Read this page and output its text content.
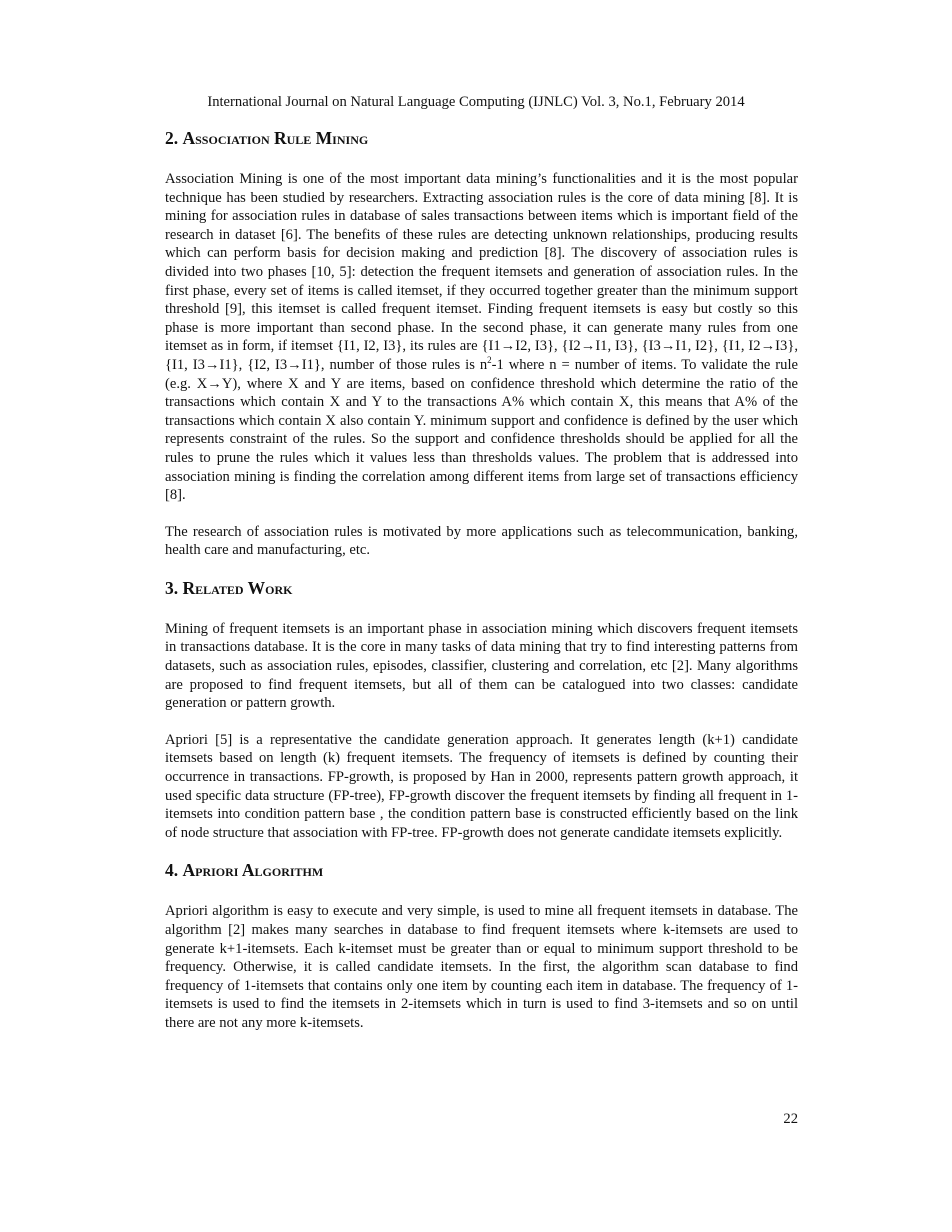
International Journal on Natural Language Computing (IJNLC) Vol. 3, No.1, February 2014
2. Association Rule Mining

Association Mining is one of the most important data mining’s functionalities and it is the most popular technique has been studied by researchers. Extracting association rules is the core of data mining [8]. It is mining for association rules in database of sales transactions between items which is important field of the research in dataset [6]. The benefits of these rules are detecting unknown relationships, producing results which can perform basis for decision making and prediction [8]. The discovery of association rules is divided into two phases [10, 5]: detection the frequent itemsets and generation of association rules. In the first phase, every set of items is called itemset, if they occurred together greater than the minimum support threshold [9], this itemset is called frequent itemset. Finding frequent itemsets is easy but costly so this phase is more important than second phase. In the second phase, it can generate many rules from one itemset as in form, if itemset {I1, I2, I3}, its rules are {I1→I2, I3}, {I2→I1, I3}, {I3→I1, I2}, {I1, I2→I3}, {I1, I3→I1}, {I2, I3→I1}, number of those rules is $n^2-1$ where n = number of items. To validate the rule (e.g. X→Y), where X and Y are items, based on confidence threshold which determine the ratio of the transactions which contain X and Y to the transactions A% which contain X, this means that A% of the transactions which contain X also contain Y. minimum support and confidence is defined by the user which represents constraint of the rules. So the support and confidence thresholds should be applied for all the rules to prune the rules which it values less than thresholds values. The problem that is addressed into association mining is finding the correlation among different items from large set of transactions efficiency [8].

The research of association rules is motivated by more applications such as telecommunication, banking, health care and manufacturing, etc.

3. Related Work

Mining of frequent itemsets is an important phase in association mining which discovers frequent itemsets in transactions database. It is the core in many tasks of data mining that try to find interesting patterns from datasets, such as association rules, episodes, classifier, clustering and correlation, etc [2]. Many algorithms are proposed to find frequent itemsets, but all of them can be catalogued into two classes: candidate generation or pattern growth.

Apriori [5] is a representative the candidate generation approach. It generates length (k+1) candidate itemsets based on length (k) frequent itemsets. The frequency of itemsets is defined by counting their occurrence in transactions. FP-growth, is proposed by Han in 2000, represents pattern growth approach, it used specific data structure (FP-tree), FP-growth discover the frequent itemsets by finding all frequent in 1-itemsets into condition pattern base , the condition pattern base is constructed efficiently based on the link of node structure that association with FP-tree. FP-growth does not generate candidate itemsets explicitly.

4. Apriori Algorithm

Apriori algorithm is easy to execute and very simple, is used to mine all frequent itemsets in database. The algorithm [2] makes many searches in database to find frequent itemsets where k-itemsets are used to generate k+1-itemsets. Each k-itemset must be greater than or equal to minimum support threshold to be frequency. Otherwise, it is called candidate itemsets. In the first, the algorithm scan database to find frequency of 1-itemsets that contains only one item by counting each item in database. The frequency of 1-itemsets is used to find the itemsets in 2-itemsets which in turn is used to find 3-itemsets and so on until there are not any more k-itemsets.

22
